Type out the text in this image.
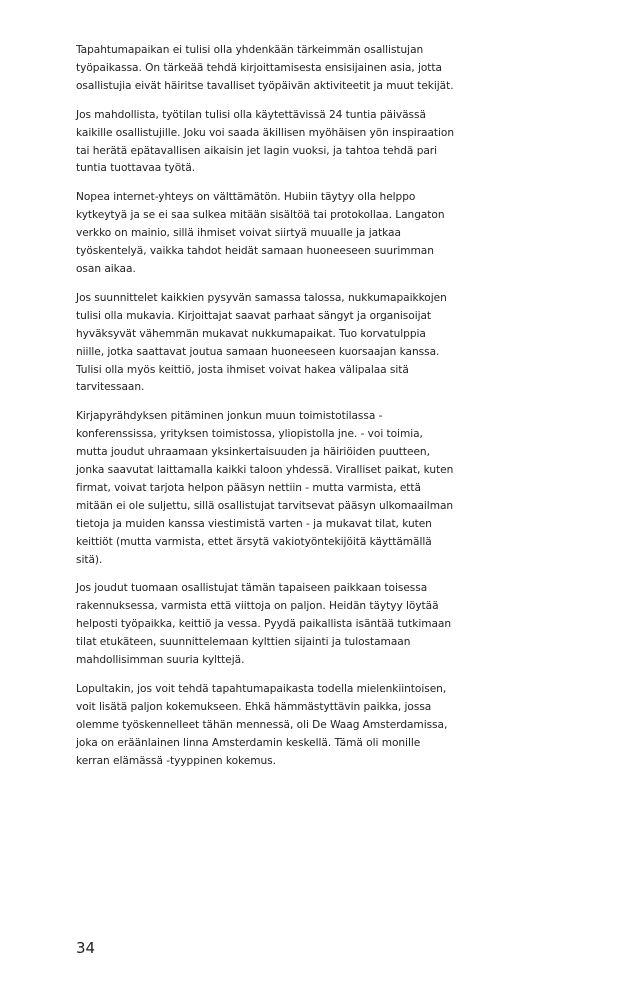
Tapahtumapaikan ei tulisi olla yhdenkään tärkeimmän osallistujan
työpaikassa. On tärkeää tehdä kirjoittamisesta ensisijainen asia, jotta
osallistujia eivät häiritse tavalliset työpäivän aktiviteetit ja muut tekijät.

Jos mahdollista, työtilan tulisi olla käytettävissä 24 tuntia päivässä
kaikille osallistujille. Joku voi saada äkillisen myöhäisen yön inspiraation
tai herätä epätavallisen aikaisin jet lagin vuoksi, ja tahtoa tehdä pari
tuntia tuottavaa työtä.

Nopea internet-yhteys on välttämätön. Hubiin täytyy olla helppo
kytkeytyä ja se ei saa sulkea mitään sisältöä tai protokollaa. Langaton
verkko on mainio, sillä ihmiset voivat siirtyä muualle ja jatkaa
työskentelyä, vaikka tahdot heidät samaan huoneeseen suurimman
osan aikaa.

Jos suunnittelet kaikkien pysyvän samassa talossa, nukkumapaikkojen
tulisi olla mukavia. Kirjoittajat saavat parhaat sängyt ja organisoijat
hyväksyvät vähemmän mukavat nukkumapaikat. Tuo korvatulppia
niille, jotka saattavat joutua samaan huoneeseen kuorsaajan kanssa.
Tulisi olla myös keittiö, josta ihmiset voivat hakea välipalaa sitä
tarvitessaan.

Kirjapyrähdyksen pitäminen jonkun muun toimistotilassa -
konferenssissa, yrityksen toimistossa, yliopistolla jne. - voi toimia,
mutta joudut uhraamaan yksinkertaisuuden ja häiriöiden puutteen,
jonka saavutat laittamalla kaikki taloon yhdessä. Viralliset paikat, kuten
firmat, voivat tarjota helpon pääsyn nettiin - mutta varmista, että
mitään ei ole suljettu, sillä osallistujat tarvitsevat pääsyn ulkomaailman
tietoja ja muiden kanssa viestimistä varten - ja mukavat tilat, kuten
keittiöt (mutta varmista, ettet ärsytä vakiotyöntekijöitä käyttämällä
sitä).

Jos joudut tuomaan osallistujat tämän tapaiseen paikkaan toisessa
rakennuksessa, varmista että viittoja on paljon. Heidän täytyy löytää
helposti työpaikka, keittiö ja vessa. Pyydä paikallista isäntää tutkimaan
tilat etukäteen, suunnittelemaan kylttien sijainti ja tulostamaan
mahdollisimman suuria kylttejä.

Lopultakin, jos voit tehdä tapahtumapaikasta todella mielenkiintoisen,
voit lisätä paljon kokemukseen. Ehkä hämmästyttävin paikka, jossa
olemme työskennelleet tähän mennessä, oli De Waag Amsterdamissa,
joka on eräänlainen linna Amsterdamin keskellä. Tämä oli monille
kerran elämässä -tyyppinen kokemus.

34
